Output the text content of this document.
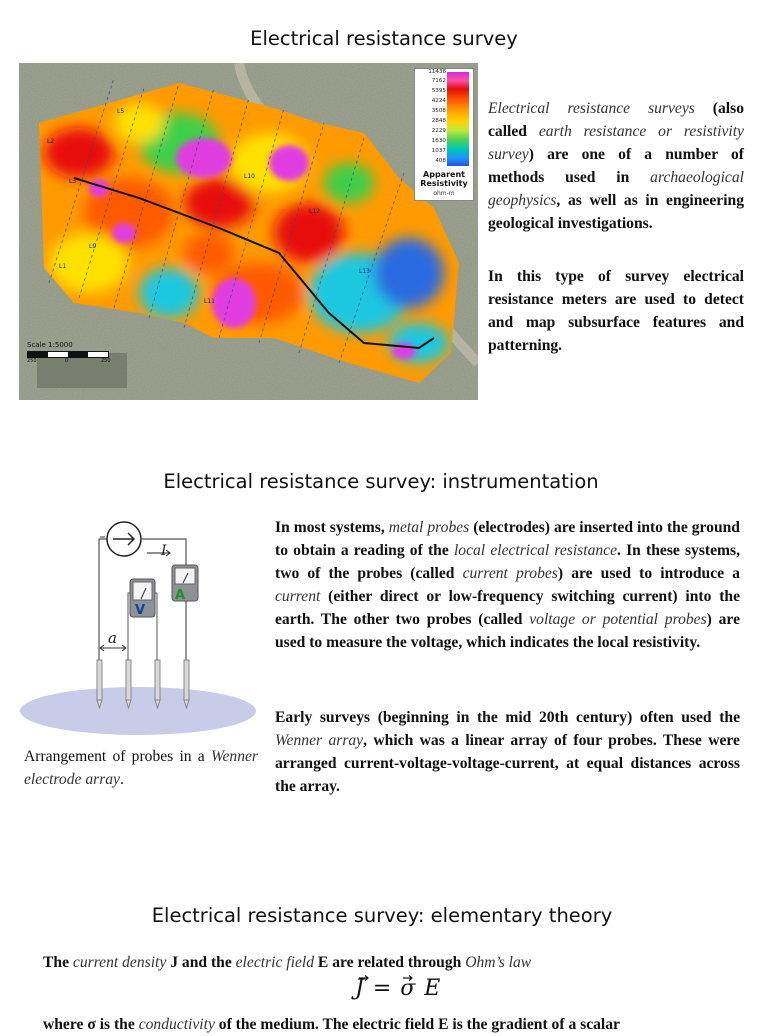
Electrical resistance survey
L1
L2
L3
L5
L9
L10
L12
L11
L13
11436
7162
5395
4224
3508
2848
2229
1630
1037
408
Apparent Resistivity
ohm-m
Scale 1:5000
250	0	250

Electrical resistance surveys (also called earth resistance or resistivity survey) are one of a number of methods used in archaeological geophysics, as well as in engineering geological investigations.

In this type of survey electrical resistance meters are used to detect and map subsurface features and patterning.

Electrical resistance survey: instrumentation
I
V
A
a
Arrangement of probes in a Wenner electrode array.

In most systems, metal probes (electrodes) are inserted into the ground to obtain a reading of the local electrical resistance. In these systems, two of the probes (called current probes) are used to introduce a current (either direct or low-frequency switching current) into the earth. The other two probes (called voltage or potential probes) are used to measure the voltage, which indicates the local resistivity.

Early surveys (beginning in the mid 20th century) often used the Wenner array, which was a linear array of four probes. These were arranged current-voltage-voltage-current, at equal distances across the array.

Electrical resistance survey: elementary theory

The current density J and the electric field E are related through Ohm’s law

J = σ E

where σ is the conductivity of the medium. The electric field E is the gradient of a scalar
